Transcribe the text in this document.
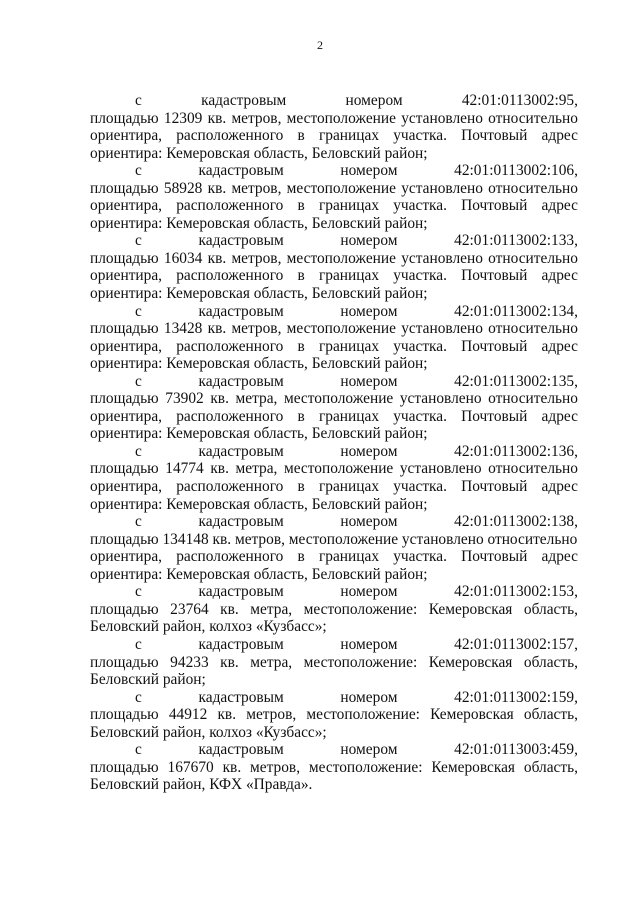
2
с	кадастровым	номером	42:01:0113002:95,
площадью 12309 кв. метров, местоположение установлено относительно
ориентира, расположенного в границах участка. Почтовый адрес
ориентира: Кемеровская область, Беловский район;
с	кадастровым	номером	42:01:0113002:106,
площадью 58928 кв. метров, местоположение установлено относительно
ориентира, расположенного в границах участка. Почтовый адрес
ориентира: Кемеровская область, Беловский район;
с	кадастровым	номером	42:01:0113002:133,
площадью 16034 кв. метров, местоположение установлено относительно
ориентира, расположенного в границах участка. Почтовый адрес
ориентира: Кемеровская область, Беловский район;
с	кадастровым	номером	42:01:0113002:134,
площадью 13428 кв. метров, местоположение установлено относительно
ориентира, расположенного в границах участка. Почтовый адрес
ориентира: Кемеровская область, Беловский район;
с	кадастровым	номером	42:01:0113002:135,
площадью 73902 кв. метра, местоположение установлено относительно
ориентира, расположенного в границах участка. Почтовый адрес
ориентира: Кемеровская область, Беловский район;
с	кадастровым	номером	42:01:0113002:136,
площадью 14774 кв. метра, местоположение установлено относительно
ориентира, расположенного в границах участка. Почтовый адрес
ориентира: Кемеровская область, Беловский район;
с	кадастровым	номером	42:01:0113002:138,
площадью 134148 кв. метров, местоположение установлено относительно
ориентира, расположенного в границах участка. Почтовый адрес
ориентира: Кемеровская область, Беловский район;
с	кадастровым	номером	42:01:0113002:153,
площадью 23764 кв. метра, местоположение: Кемеровская область,
Беловский район, колхоз «Кузбасс»;
с	кадастровым	номером	42:01:0113002:157,
площадью 94233 кв. метра, местоположение: Кемеровская область,
Беловский район;
с	кадастровым	номером	42:01:0113002:159,
площадью 44912 кв. метров, местоположение: Кемеровская область,
Беловский район, колхоз «Кузбасс»;
с	кадастровым	номером	42:01:0113003:459,
площадью 167670 кв. метров, местоположение: Кемеровская область,
Беловский район, КФХ «Правда».
